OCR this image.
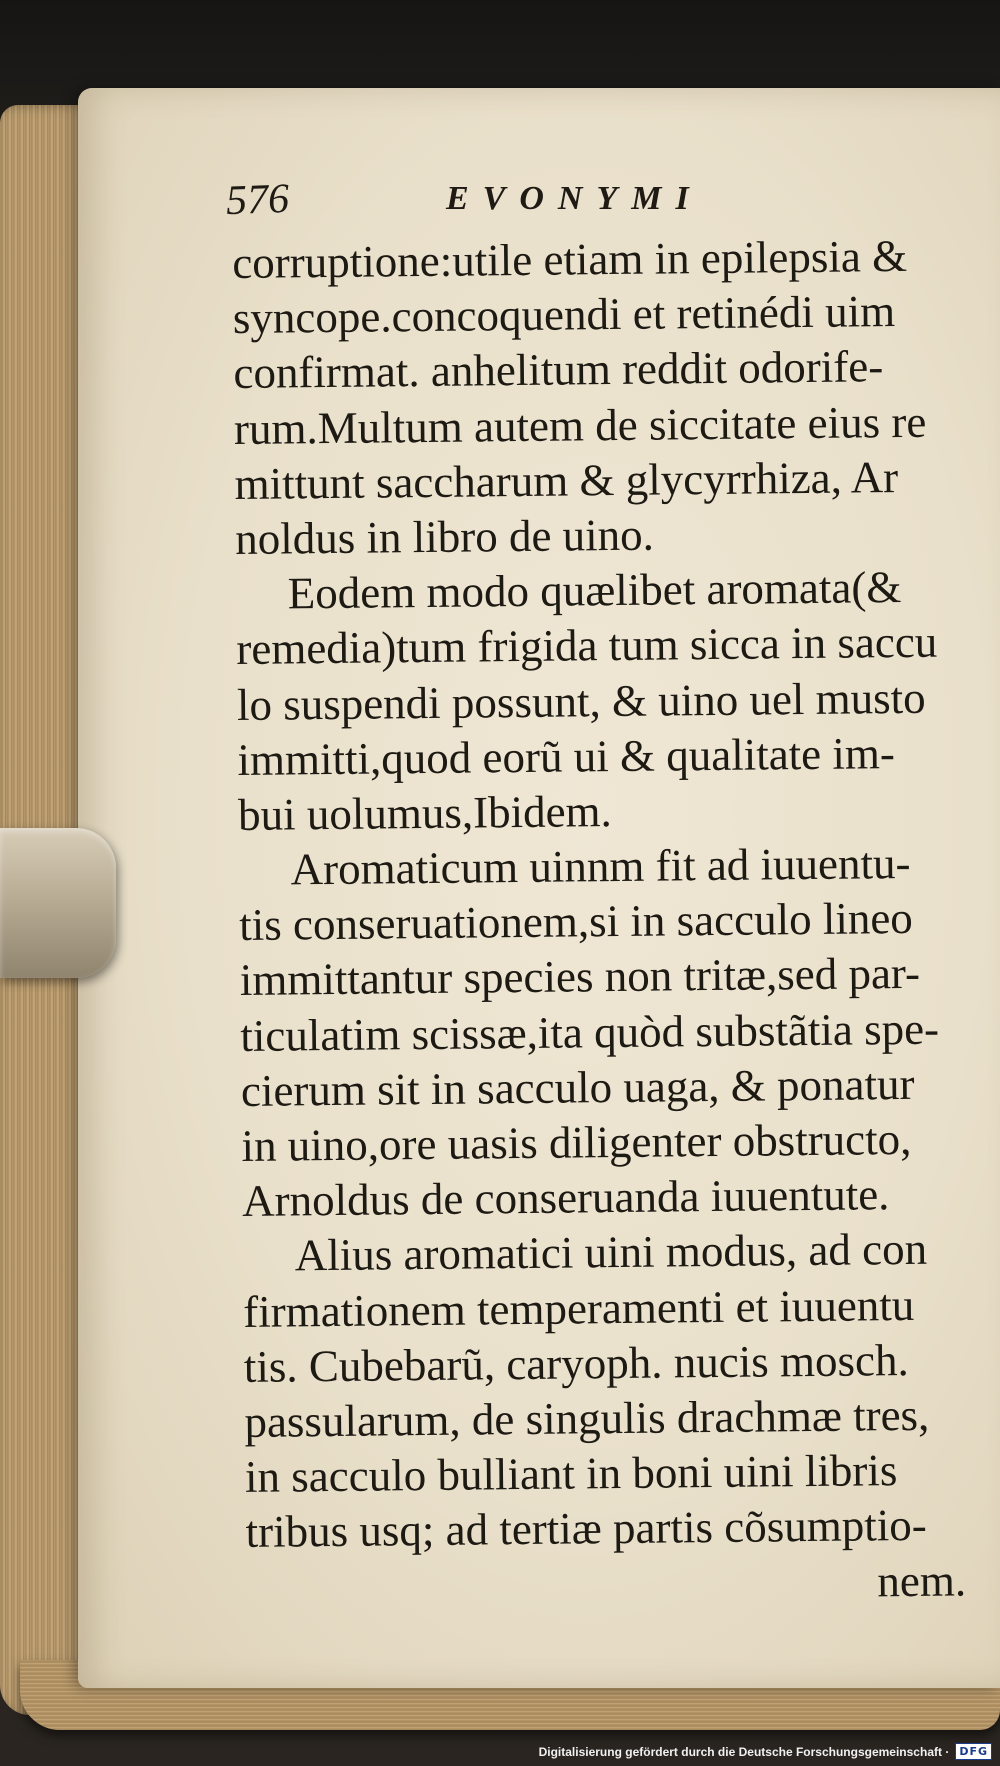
576	EVONYMI
corruptione:utile etiam in epilepsia &
syncope.concoquendi et retinédi uim
confirmat. anhelitum reddit odorife-
rum.Multum autem de siccitate eius re
mittunt saccharum & glycyrrhiza, Ar
noldus in libro de uino.
Eodem modo quælibet aromata(&
remedia)tum frigida tum sicca in saccu
lo suspendi possunt, & uino uel musto
immitti,quod eorũ ui & qualitate im-
bui uolumus,Ibidem.
Aromaticum uinnm fit ad iuuentu-
tis conseruationem,si in sacculo lineo
immittantur species non tritæ,sed par-
ticulatim scissæ,ita quòd substãtia spe-
cierum sit in sacculo uaga, & ponatur
in uino,ore uasis diligenter obstructo,
Arnoldus de conseruanda iuuentute.
Alius aromatici uini modus, ad con
firmationem temperamenti et iuuentu
tis. Cubebarũ, caryoph. nucis mosch.
passularum, de singulis drachmæ tres,
in sacculo bulliant in boni uini libris
tribus usq; ad tertiæ partis cõsumptio-
nem.
Digitalisierung gefördert durch die Deutsche Forschungsgemeinschaft · DFG
